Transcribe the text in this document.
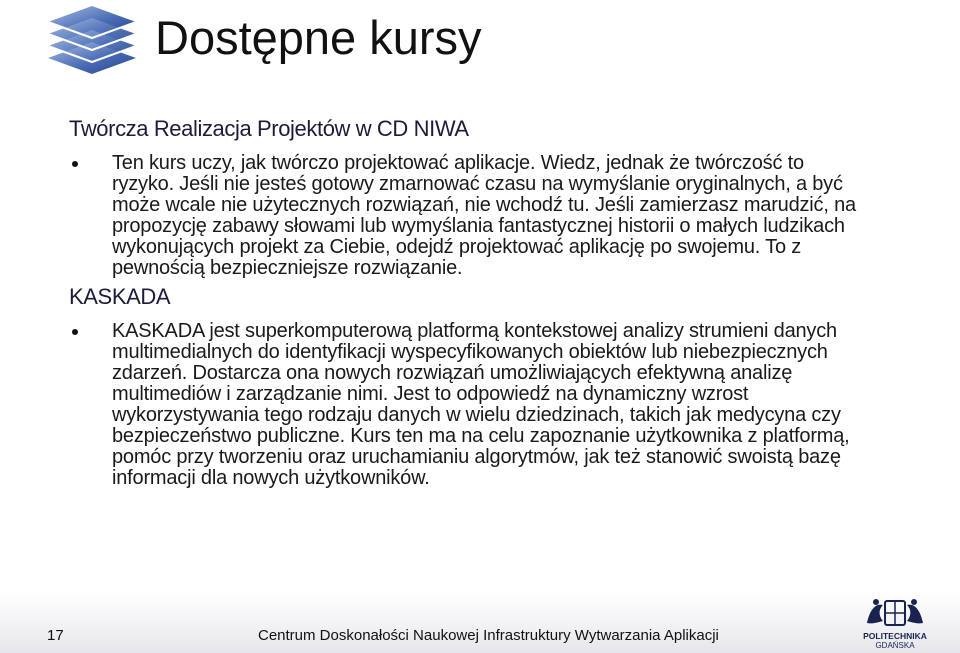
Dostępne kursy
Twórcza Realizacja Projektów w CD NIWA
Ten kurs uczy, jak twórczo projektować aplikacje. Wiedz, jednak że twórczość to ryzyko. Jeśli nie jesteś gotowy zmarnować czasu na wymyślanie oryginalnych, a być może wcale nie użytecznych rozwiązań, nie wchodź tu. Jeśli zamierzasz marudzić, na propozycję zabawy słowami lub wymyślania fantastycznej historii o małych ludzikach wykonujących projekt za Ciebie, odejdź projektować aplikację po swojemu. To z pewnością bezpieczniejsze rozwiązanie.
KASKADA
KASKADA jest superkomputerową platformą kontekstowej analizy strumieni danych multimedialnych do identyfikacji wyspecyfikowanych obiektów lub niebezpiecznych zdarzeń. Dostarcza ona nowych rozwiązań umożliwiających efektywną analizę multimediów i zarządzanie nimi. Jest to odpowiedź na dynamiczny wzrost wykorzystywania tego rodzaju danych w wielu dziedzinach, takich jak medycyna czy bezpieczeństwo publiczne. Kurs ten ma na celu zapoznanie użytkownika z platformą, pomóc przy tworzeniu oraz uruchamianiu algorytmów, jak też stanowić swoistą bazę informacji dla nowych użytkowników.
17	Centrum Doskonałości Naukowej Infrastruktury Wytwarzania Aplikacji	POLITECHNIKA
GDAŃSKA
